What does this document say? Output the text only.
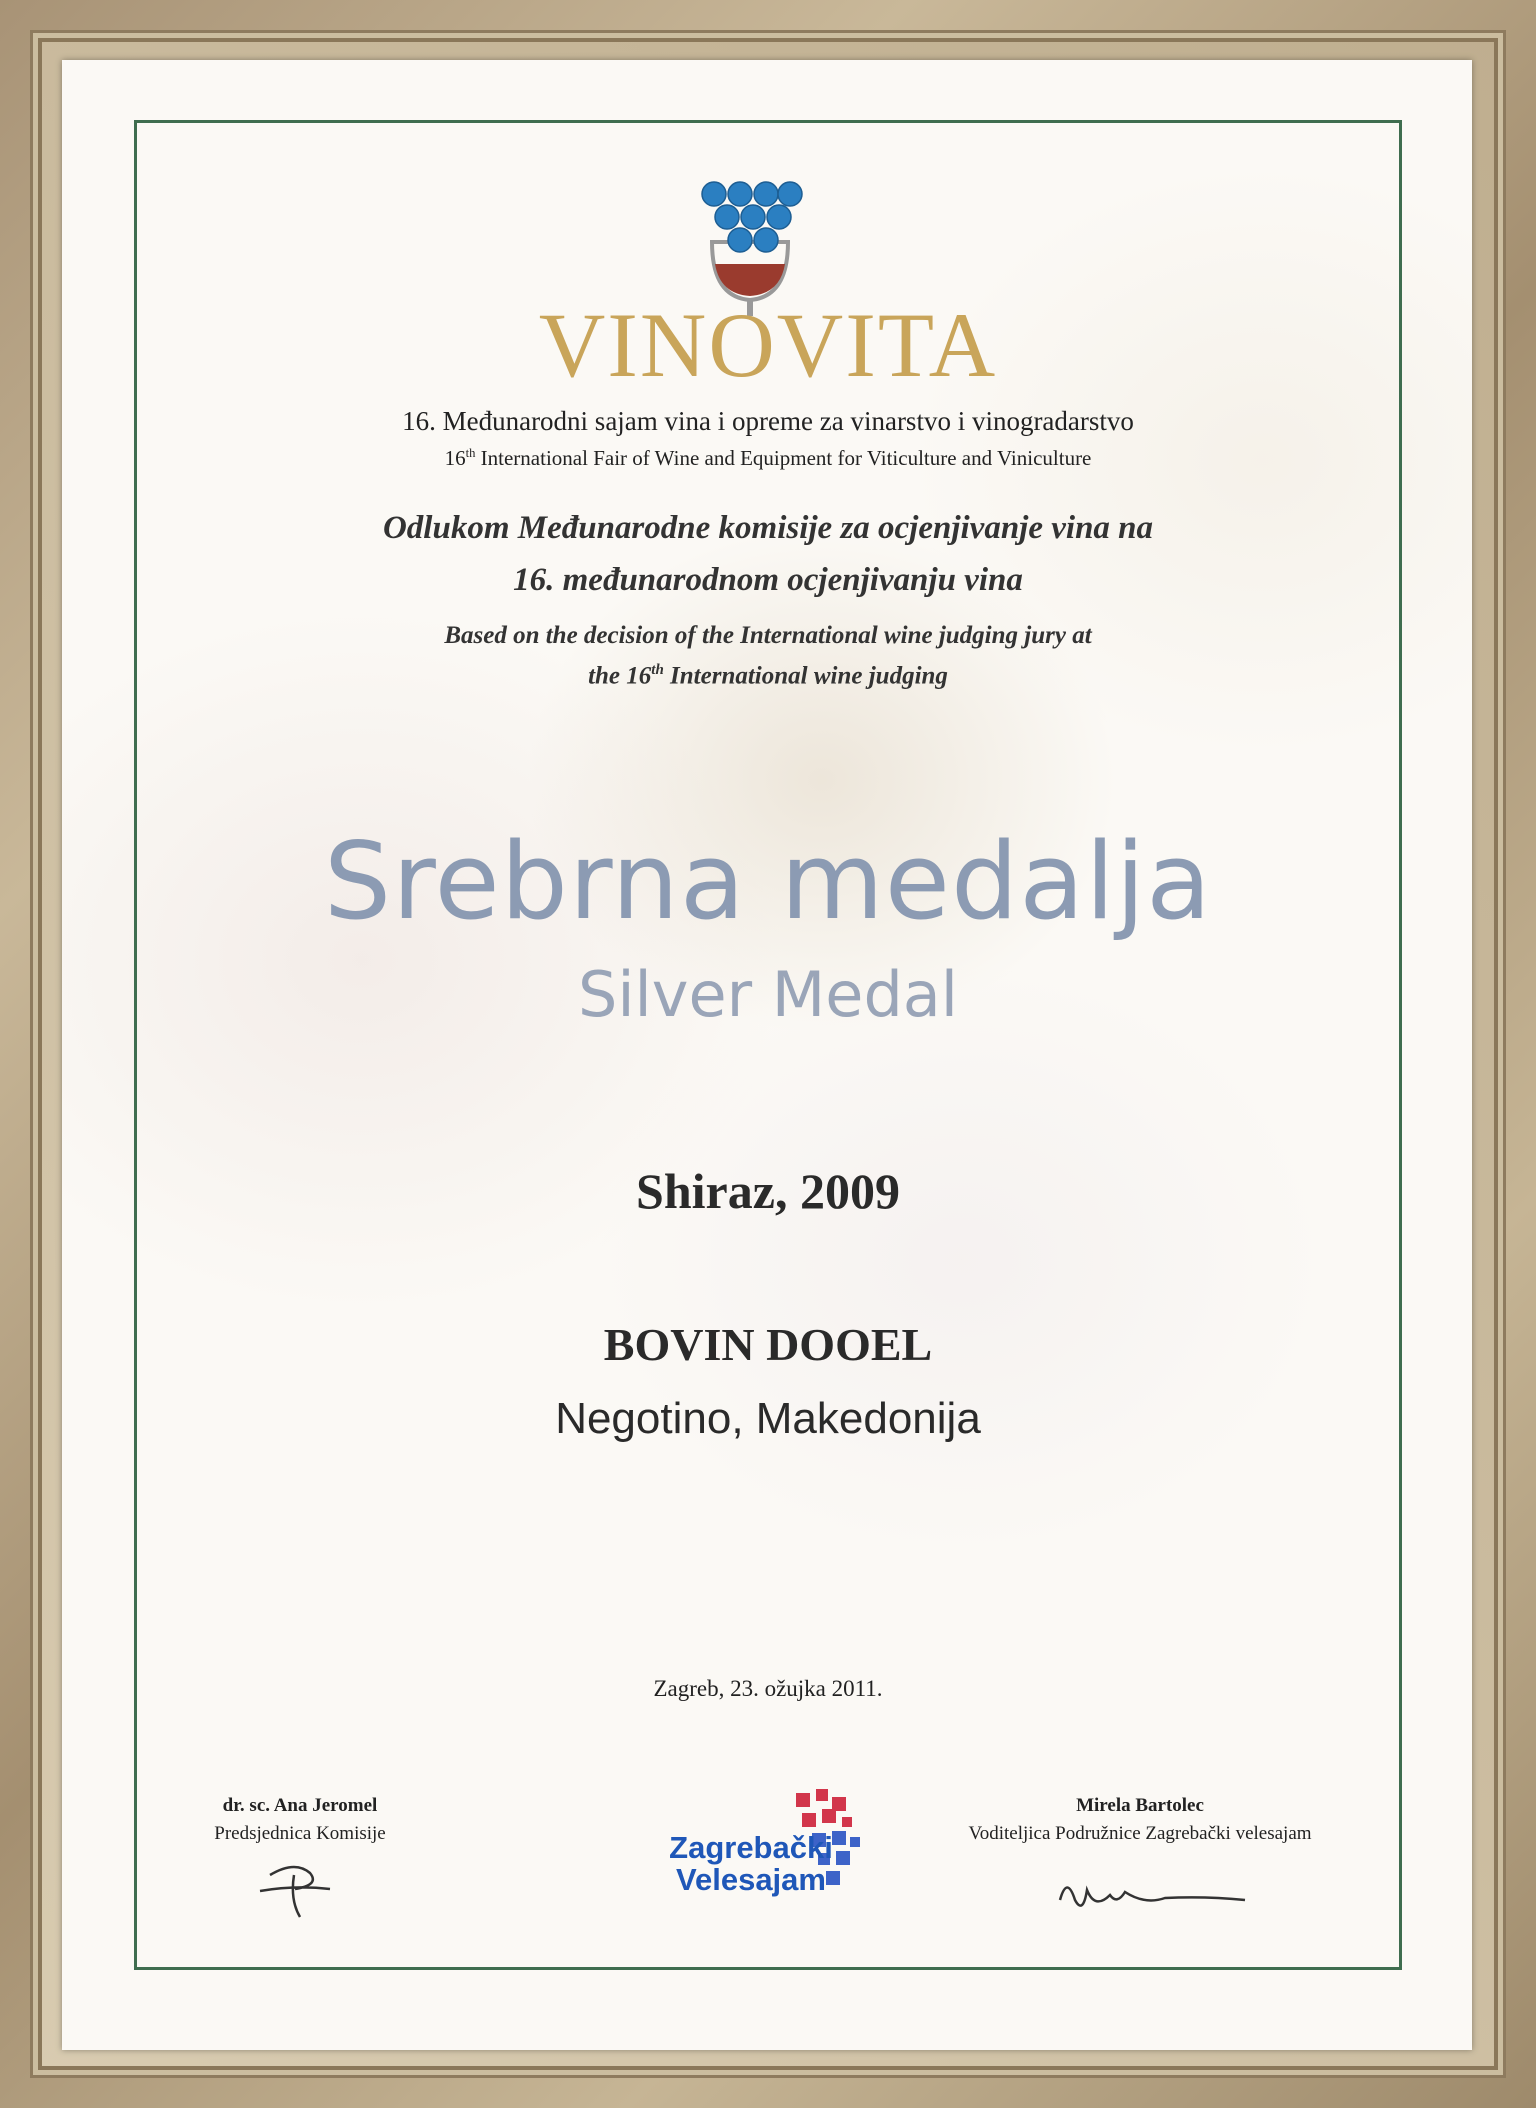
VINOVITA
16. Međunarodni sajam vina i opreme za vinarstvo i vinogradarstvo
16th International Fair of Wine and Equipment for Viticulture and Viniculture
Odlukom Međunarodne komisije za ocjenjivanje vina na
16. međunarodnom ocjenjivanju vina
Based on the decision of the International wine judging jury at
the 16th International wine judging
Srebrna medalja
Silver Medal
Shiraz, 2009
BOVIN DOOEL
Negotino, Makedonija
Zagreb, 23. ožujka 2011.
dr. sc. Ana Jeromel
Predsjednica Komisije	Zagrebački
Velesajam
Mirela Bartolec
Voditeljica Podružnice Zagrebački velesajam
